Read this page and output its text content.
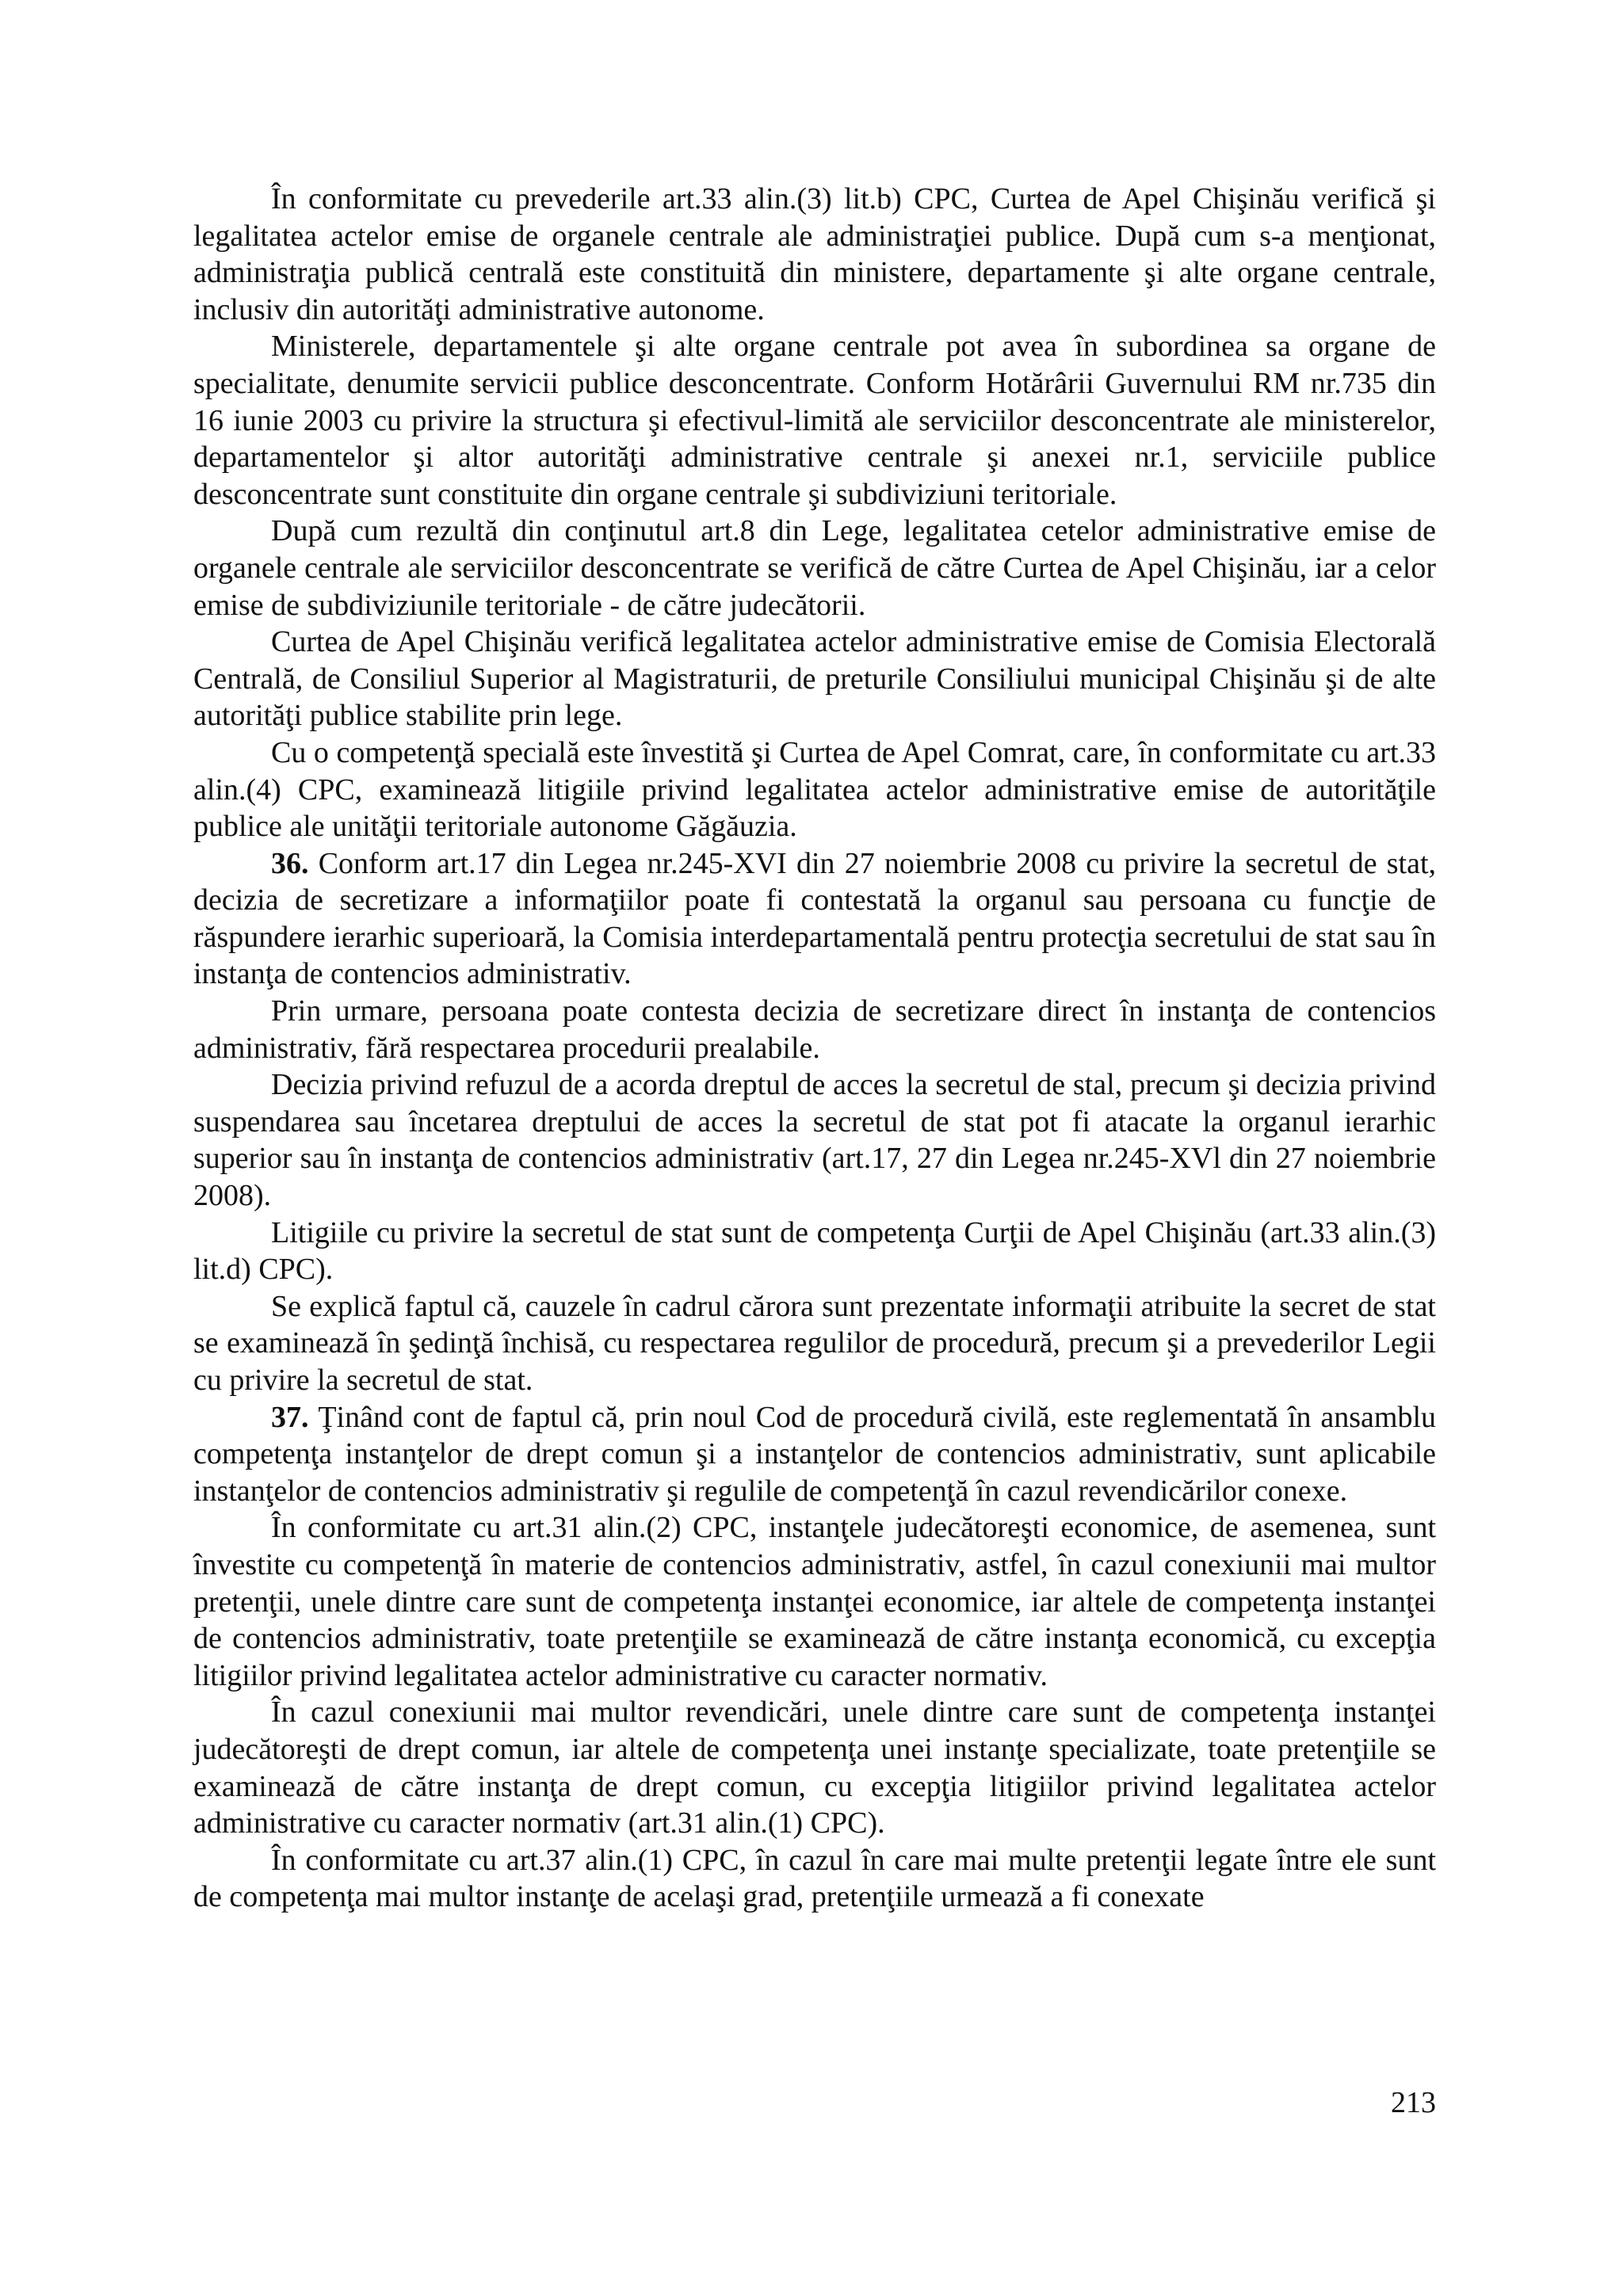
În conformitate cu prevederile art.33 alin.(3) lit.b) CPC, Curtea de Apel Chişinău verifică şi legalitatea actelor emise de organele centrale ale administraţiei publice. După cum s-a menţionat, administraţia publică centrală este constituită din ministere, departamente şi alte organe centrale, inclusiv din autorităţi administrative autonome.

Ministerele, departamentele şi alte organe centrale pot avea în subordinea sa organe de specialitate, denumite servicii publice desconcentrate. Conform Hotărârii Guvernului RM nr.735 din 16 iunie 2003 cu privire la structura şi efectivul-limită ale serviciilor desconcentrate ale ministerelor, departamentelor şi altor autorităţi administrative centrale şi anexei nr.1, serviciile publice desconcentrate sunt constituite din organe centrale şi subdiviziuni teritoriale.

După cum rezultă din conţinutul art.8 din Lege, legalitatea cetelor administrative emise de organele centrale ale serviciilor desconcentrate se verifică de către Curtea de Apel Chişinău, iar a celor emise de subdiviziunile teritoriale - de către judecătorii.

Curtea de Apel Chişinău verifică legalitatea actelor administrative emise de Comisia Electorală Centrală, de Consiliul Superior al Magistraturii, de preturile Consiliului municipal Chişinău şi de alte autorităţi publice stabilite prin lege.

Cu o competenţă specială este învestită şi Curtea de Apel Comrat, care, în conformitate cu art.33 alin.(4) CPC, examinează litigiile privind legalitatea actelor administrative emise de autorităţile publice ale unităţii teritoriale autonome Găgăuzia.

36. Conform art.17 din Legea nr.245-XVI din 27 noiembrie 2008 cu privire la secretul de stat, decizia de secretizare a informaţiilor poate fi contestată la organul sau persoana cu funcţie de răspundere ierarhic superioară, la Comisia interdepartamentală pentru protecţia secretului de stat sau în instanţa de contencios administrativ.

Prin urmare, persoana poate contesta decizia de secretizare direct în instanţa de contencios administrativ, fără respectarea procedurii prealabile.

Decizia privind refuzul de a acorda dreptul de acces la secretul de stal, precum şi decizia privind suspendarea sau încetarea dreptului de acces la secretul de stat pot fi atacate la organul ierarhic superior sau în instanţa de contencios administrativ (art.17, 27 din Legea nr.245-XVl din 27 noiembrie 2008).

Litigiile cu privire la secretul de stat sunt de competenţa Curţii de Apel Chişinău (art.33 alin.(3) lit.d) CPC).

Se explică faptul că, cauzele în cadrul cărora sunt prezentate informaţii atribuite la secret de stat se examinează în şedinţă închisă, cu respectarea regulilor de procedură, precum şi a prevederilor Legii cu privire la secretul de stat.

37. Ţinând cont de faptul că, prin noul Cod de procedură civilă, este reglementată în ansamblu competenţa instanţelor de drept comun şi a instanţelor de contencios administrativ, sunt aplicabile instanţelor de contencios administrativ şi regulile de competenţă în cazul revendicărilor conexe.

În conformitate cu art.31 alin.(2) CPC, instanţele judecătoreşti economice, de asemenea, sunt învestite cu competenţă în materie de contencios administrativ, astfel, în cazul conexiunii mai multor pretenţii, unele dintre care sunt de competenţa instanţei economice, iar altele de competenţa instanţei de contencios administrativ, toate pretenţiile se examinează de către instanţa economică, cu excepţia litigiilor privind legalitatea actelor administrative cu caracter normativ.

În cazul conexiunii mai multor revendicări, unele dintre care sunt de competenţa instanţei judecătoreşti de drept comun, iar altele de competenţa unei instanţe specializate, toate pretenţiile se examinează de către instanţa de drept comun, cu excepţia litigiilor privind legalitatea actelor administrative cu caracter normativ (art.31 alin.(1) CPC).

În conformitate cu art.37 alin.(1) CPC, în cazul în care mai multe pretenţii legate între ele sunt de competenţa mai multor instanţe de acelaşi grad, pretenţiile urmează a fi conexate

213
